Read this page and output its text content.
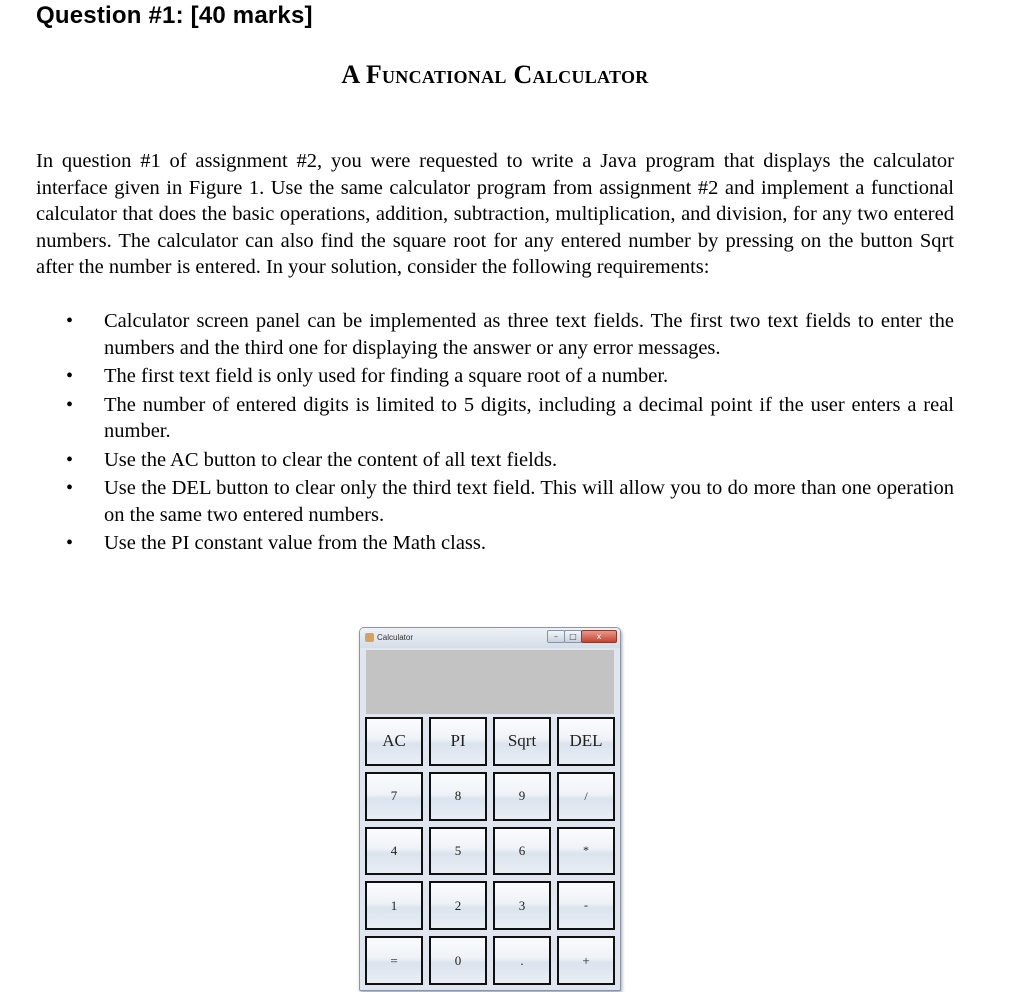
Question #1: [40 marks]
A Funcational Calculator

In question #1 of assignment #2, you were requested to write a Java program that displays the calculator interface given in Figure 1. Use the same calculator program from assignment #2 and implement a functional calculator that does the basic operations, addition, subtraction, multiplication, and division, for any two entered numbers. The calculator can also find the square root for any entered number by pressing on the button Sqrt after the number is entered. In your solution, consider the following requirements:

• Calculator screen panel can be implemented as three text fields. The first two text fields to enter the numbers and the third one for displaying the answer or any error messages.
• The first text field is only used for finding a square root of a number.
• The number of entered digits is limited to 5 digits, including a decimal point if the user enters a real number.
• Use the AC button to clear the content of all text fields.
• Use the DEL button to clear only the third text field. This will allow you to do more than one operation on the same two entered numbers.
• Use the PI constant value from the Math class.
Calculator	–	□	x
AC	PI	Sqrt	DEL
7	8	9	/
4	5	6	*
1	2	3	-
=	0	.	+
